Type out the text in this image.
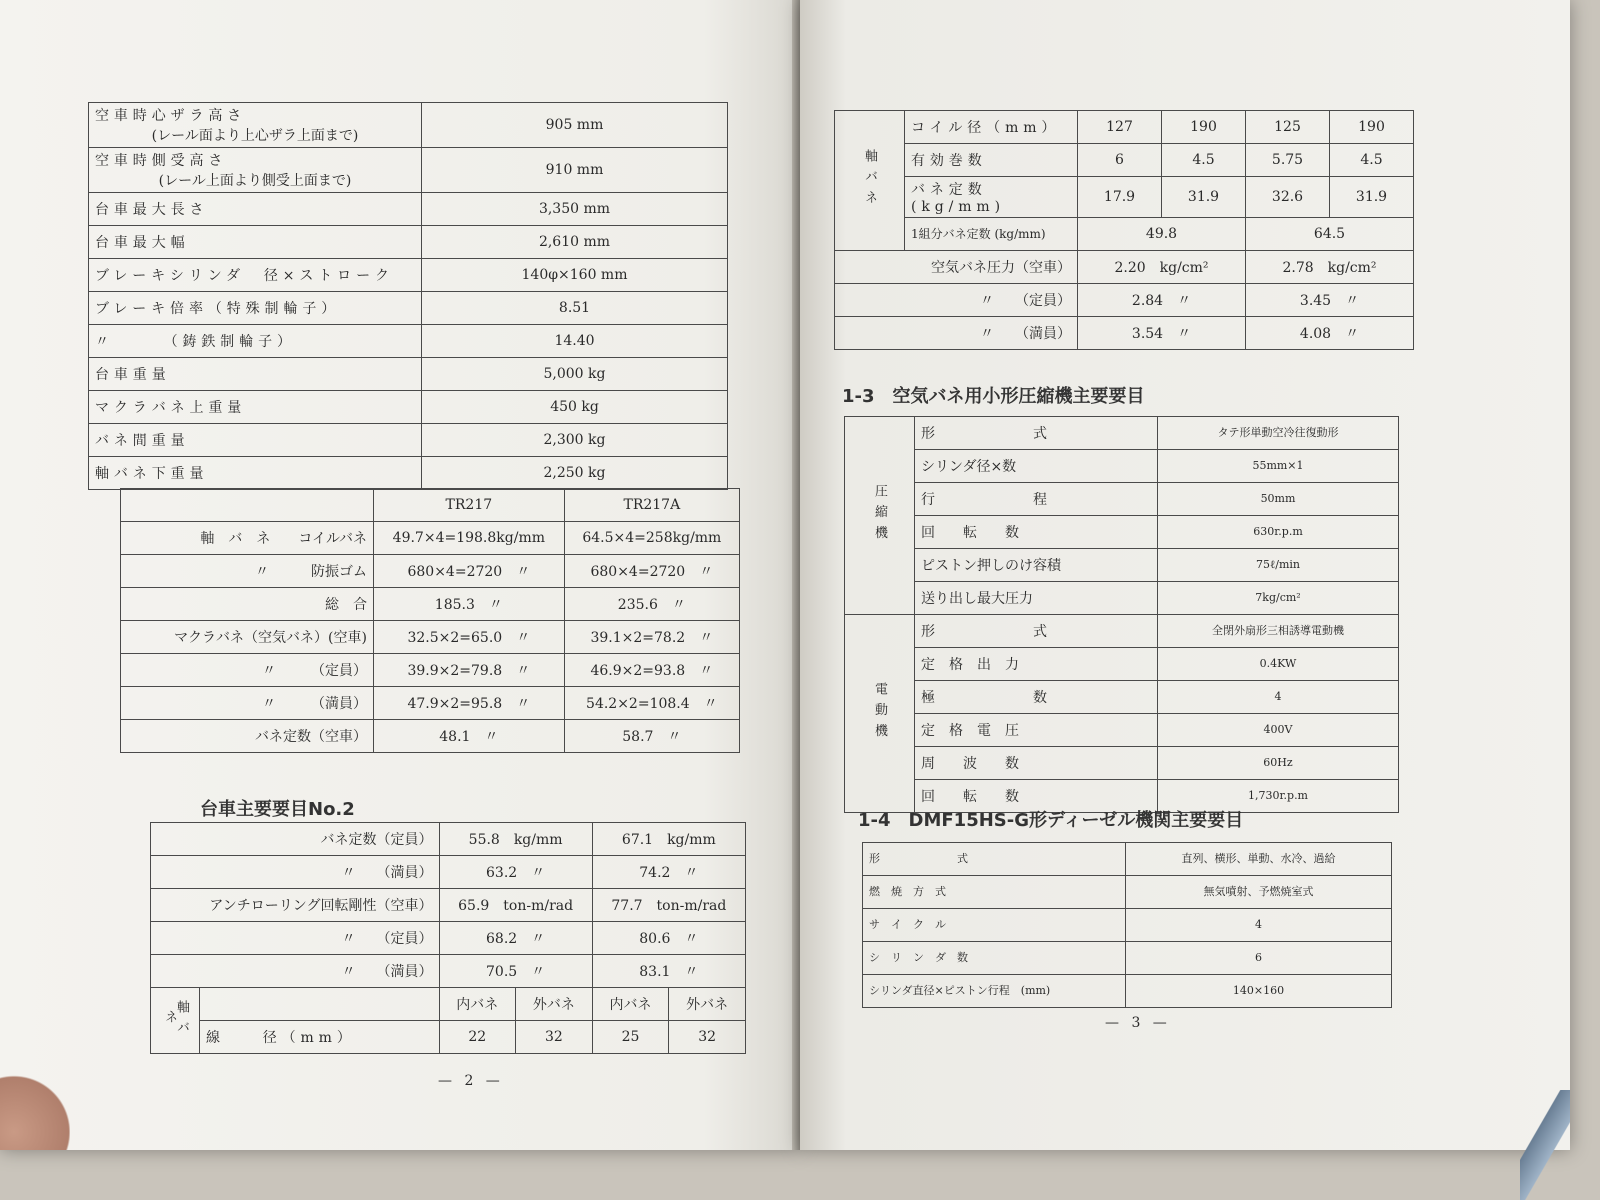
空車時心ザラ高さ
(レール面より上心ザラ上面まで)	905 mm

空車時側受高さ
(レール上面より側受上面まで)	910 mm

台車最大長さ	3,350 mm

台車最大幅	2,610 mm

ブレーキシリンダ　径×ストローク	140φ×160 mm

ブレーキ倍率（特殊制輪子）	8.51

〃　　　（鋳鉄制輪子）	14.40

台車重量	5,000 kg

マクラバネ上重量	450 kg

バネ間重量	2,300 kg

軸バネ下重量	2,250 kg
	TR217	TR217A
軸　バ　ネ　　コイルバネ	49.7×4=198.8kg/mm	64.5×4=258kg/mm
〃　　　防振ゴム	680×4=2720　〃	680×4=2720　〃
総　合	185.3　〃	235.6　〃
マクラバネ（空気バネ）(空車)	32.5×2=65.0　〃	39.1×2=78.2　〃
〃　　　（定員）	39.9×2=79.8　〃	46.9×2=93.8　〃
〃　　　（満員）	47.9×2=95.8　〃	54.2×2=108.4　〃
バネ定数（空車）	48.1　〃	58.7　〃
台車主要要目No.2
バネ定数（定員）		55.8　kg/mm		67.1　kg/mm	
〃　　（満員）		63.2　〃		74.2　〃	
アンチローリング回転剛性（空車）		65.9　ton-m/rad		77.7　ton-m/rad	
〃　　（定員）		68.2　〃		80.6　〃	
〃　　（満員）		70.5　〃		83.1　〃	
軸バネ		内バネ	外バネ	内バネ	外バネ
	線　　径（mm）	22	32	25	32
— 2 —
軸バネ	コイル径（mm）	127	190	125	190
	有効巻数	6	4.5	5.75	4.5
	バネ定数 (kg/mm)	17.9	31.9	32.6	31.9
	1組分バネ定数 (kg/mm)	49.8		64.5	
空気バネ圧力（空車）		2.20　kg/cm²		2.78　kg/cm²	
〃　　（定員）		2.84　〃		3.45　〃	
〃　　（満員）		3.54　〃		4.08　〃	
1-3　空気バネ用小形圧縮機主要要目
圧縮機	形　　　　　　　式	タテ形単動空冷往復動形
	シリンダ径×数	55mm×1
	行　　　　　　　程	50mm
	回　　転　　数	630r.p.m
	ピストン押しのけ容積	75ℓ/min
	送り出し最大圧力	7kg/cm²
電動機	形　　　　　　　式	全閉外扇形三相誘導電動機
	定　格　出　力	0.4KW
	極　　　　　　　数	4
	定　格　電　圧	400V
	周　　波　　数	60Hz
	回　　転　　数	1,730r.p.m
1-4　DMF15HS-G形ディーゼル機関主要要目
形　　　　　　　式	直列、横形、単動、水冷、過給
燃　焼　方　式	無気噴射、予燃焼室式
サ　イ　ク　ル	4
シ　リ　ン　ダ　数	6
シリンダ直径×ピストン行程　(mm)	140×160
— 3 —
